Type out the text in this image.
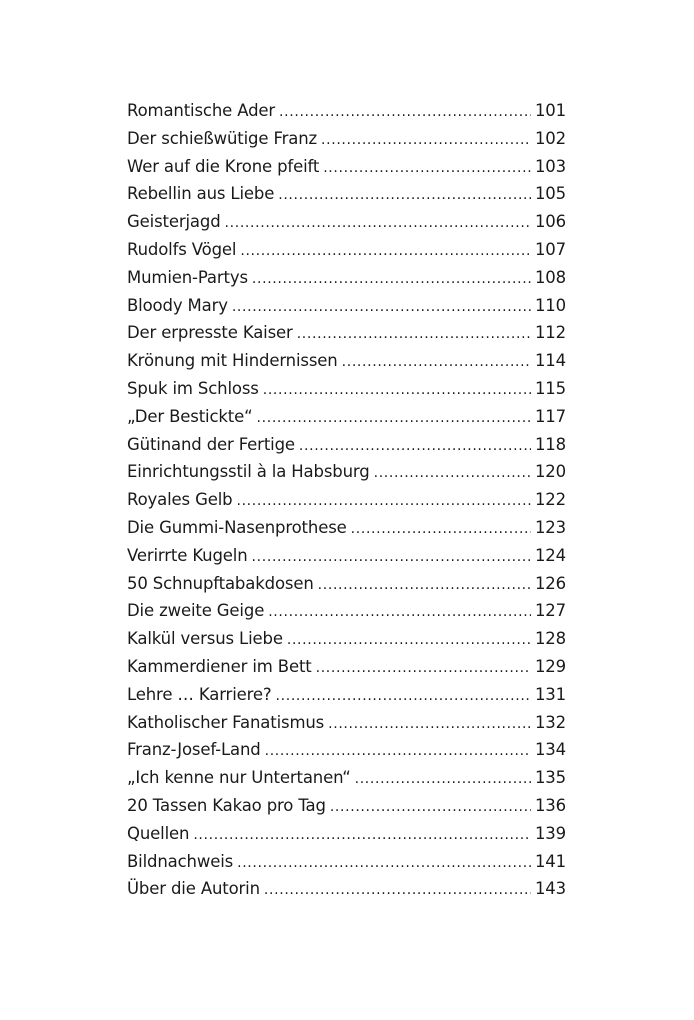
Romantische Ader . . .	101
Der schießwütige Franz . . .	102
Wer auf die Krone pfeift . . .	103
Rebellin aus Liebe . . .	105
Geisterjagd . . .	106
Rudolfs Vögel . . .	107
Mumien-Partys . . .	108
Bloody Mary . . .	110
Der erpresste Kaiser . . .	112
Krönung mit Hindernissen . . .	114
Spuk im Schloss . . .	115
„Der Bestickte“ . . .	117
Gütinand der Fertige . . .	118
Einrichtungsstil à la Habsburg . . .	120
Royales Gelb . . .	122
Die Gummi-Nasenprothese . . .	123
Verirrte Kugeln . . .	124
50 Schnupftabakdosen . . .	126
Die zweite Geige . . .	127
Kalkül versus Liebe . . .	128
Kammerdiener im Bett . . .	129
Lehre … Karriere? . . .	131
Katholischer Fanatismus . . .	132
Franz-Josef-Land . . .	134
„Ich kenne nur Untertanen“ . . .	135
20 Tassen Kakao pro Tag . . .	136
Quellen . . .	139
Bildnachweis . . .	141
Über die Autorin . . .	143
